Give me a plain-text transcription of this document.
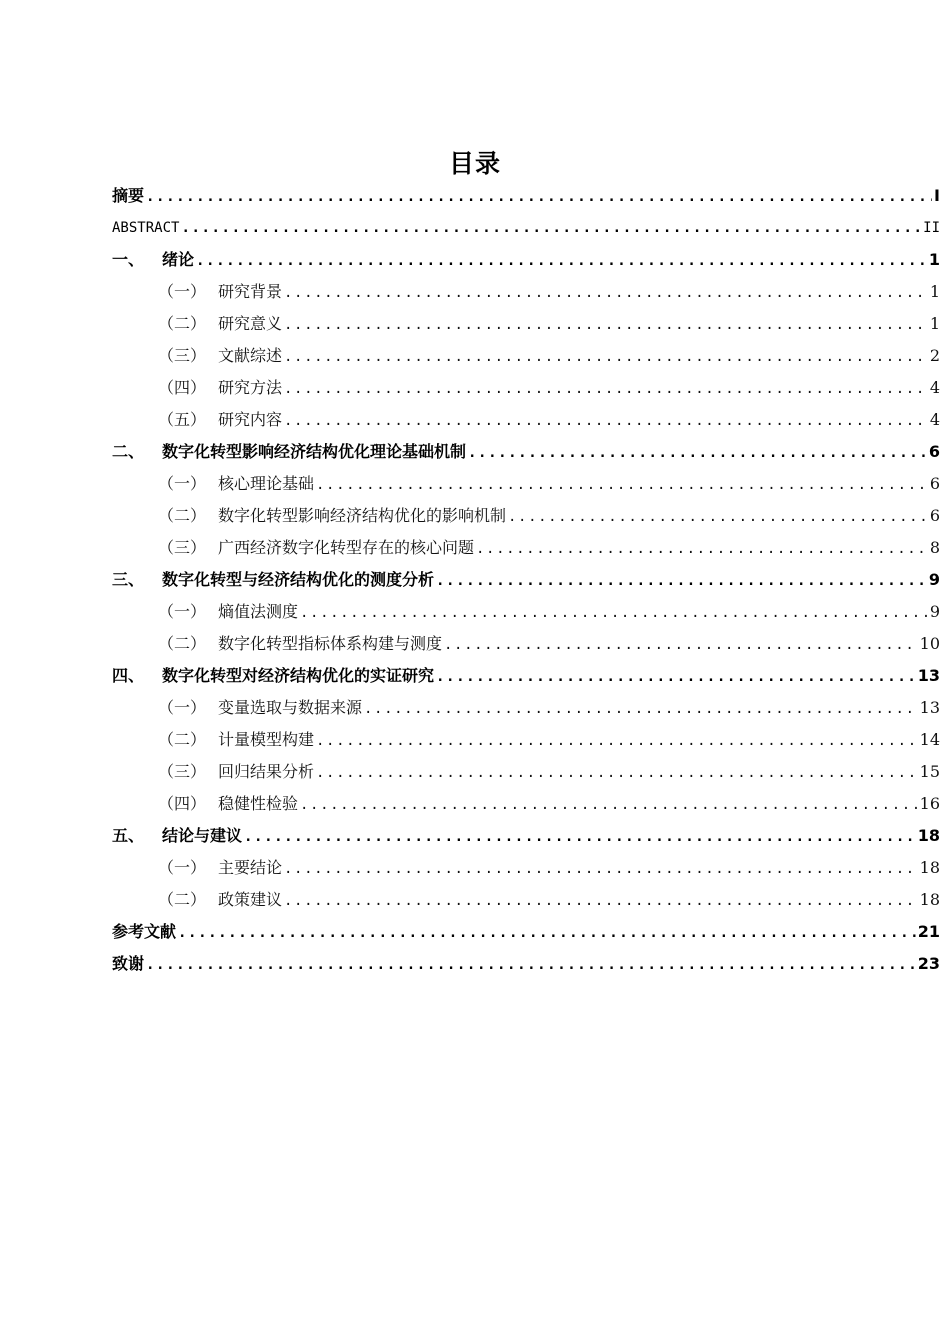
目录
摘要 .....	I
ABSTRACT .....	II
一、	绪论 .....	1
（一） 研究背景 .....	1
（二） 研究意义 .....	1
（三） 文献综述 .....	2
（四） 研究方法 .....	4
（五） 研究内容 .....	4
二、	数字化转型影响经济结构优化理论基础机制 .....	6
（一） 核心理论基础 .....	6
（二） 数字化转型影响经济结构优化的影响机制 .....	6
（三） 广西经济数字化转型存在的核心问题 .....	8
三、	数字化转型与经济结构优化的测度分析 .....	9
（一） 熵值法测度 .....	9
（二） 数字化转型指标体系构建与测度 .....	10
四、	数字化转型对经济结构优化的实证研究 .....	13
（一） 变量选取与数据来源 .....	13
（二） 计量模型构建 .....	14
（三） 回归结果分析 .....	15
（四） 稳健性检验 .....	16
五、	结论与建议 .....	18
（一） 主要结论 .....	18
（二） 政策建议 .....	18
参考文献 .....	21
致谢 .....	23
